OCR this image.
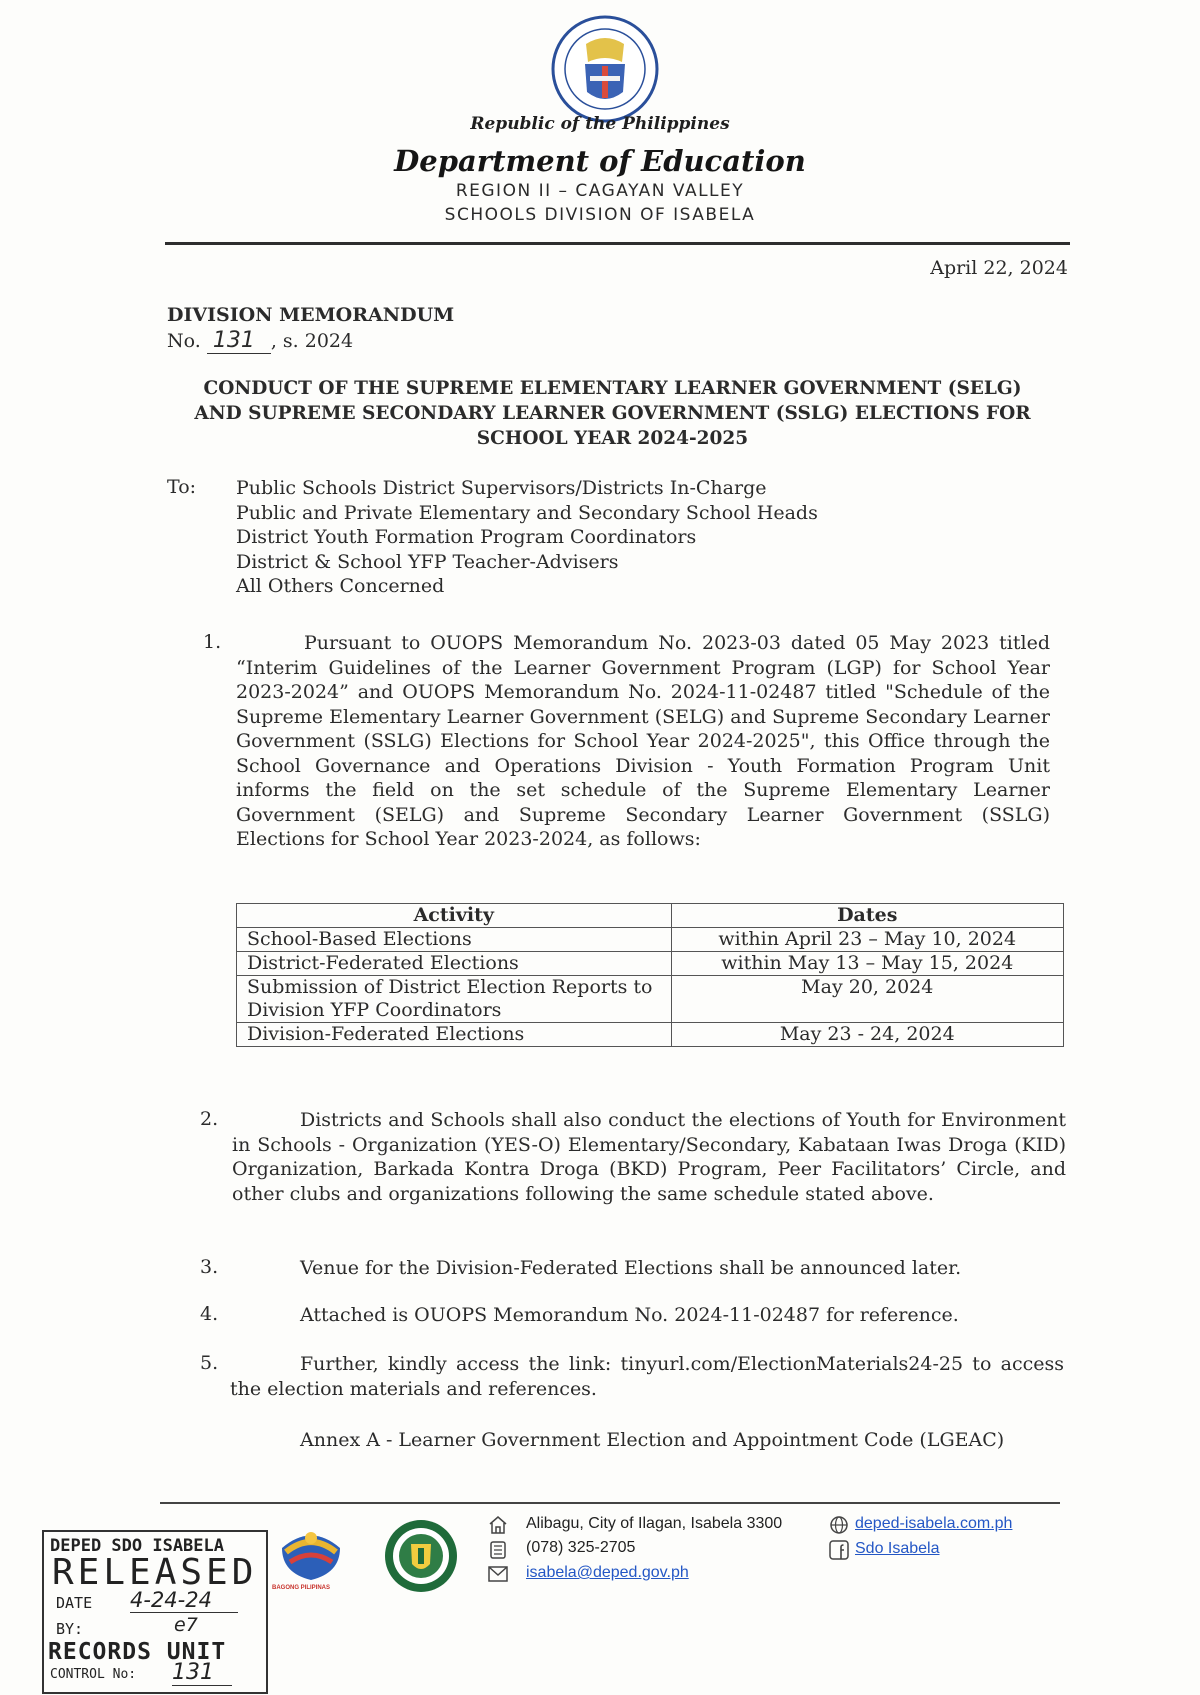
Republic of the Philippines
Department of Education
REGION II – CAGAYAN VALLEY
SCHOOLS DIVISION OF ISABELA
April 22, 2024
DIVISION MEMORANDUM
No. 131 , s. 2024
CONDUCT OF THE SUPREME ELEMENTARY LEARNER GOVERNMENT (SELG)
AND SUPREME SECONDARY LEARNER GOVERNMENT (SSLG) ELECTIONS FOR
SCHOOL YEAR 2024-2025
To: Public Schools District Supervisors/Districts In-Charge
Public and Private Elementary and Secondary School Heads
District Youth Formation Program Coordinators
District & School YFP Teacher-Advisers
All Others Concerned
1.	Pursuant to OUOPS Memorandum No. 2023-03 dated 05 May 2023 titled “Interim Guidelines of the Learner Government Program (LGP) for School Year 2023-2024” and OUOPS Memorandum No. 2024-11-02487 titled "Schedule of the Supreme Elementary Learner Government (SELG) and Supreme Secondary Learner Government (SSLG) Elections for School Year 2024-2025", this Office through the School Governance and Operations Division - Youth Formation Program Unit informs the field on the set schedule of the Supreme Elementary Learner Government (SELG) and Supreme Secondary Learner Government (SSLG) Elections for School Year 2023-2024, as follows:
Activity	Dates
School-Based Elections	within April 23 – May 10, 2024
District-Federated Elections	within May 13 – May 15, 2024
Submission of District Election Reports to Division YFP Coordinators	May 20, 2024
Division-Federated Elections	May 23 - 24, 2024
2.	Districts and Schools shall also conduct the elections of Youth for Environment in Schools - Organization (YES-O) Elementary/Secondary, Kabataan Iwas Droga (KID) Organization, Barkada Kontra Droga (BKD) Program, Peer Facilitators’ Circle, and other clubs and organizations following the same schedule stated above.
3.	Venue for the Division-Federated Elections shall be announced later.
4.	Attached is OUOPS Memorandum No. 2024-11-02487 for reference.
5.	Further, kindly access the link: tinyurl.com/ElectionMaterials24-25 to access the election materials and references.
Annex A - Learner Government Election and Appointment Code (LGEAC)
BAGONG PILIPINAS
Alibagu, City of Ilagan, Isabela 3300
(078) 325-2705
isabela@deped.gov.ph
deped-isabela.com.ph
Sdo Isabela
DEPED SDO ISABELA
RELEASED
DATE 4-24-24
BY:	e7
RECORDS UNIT
CONTROL No: 131
